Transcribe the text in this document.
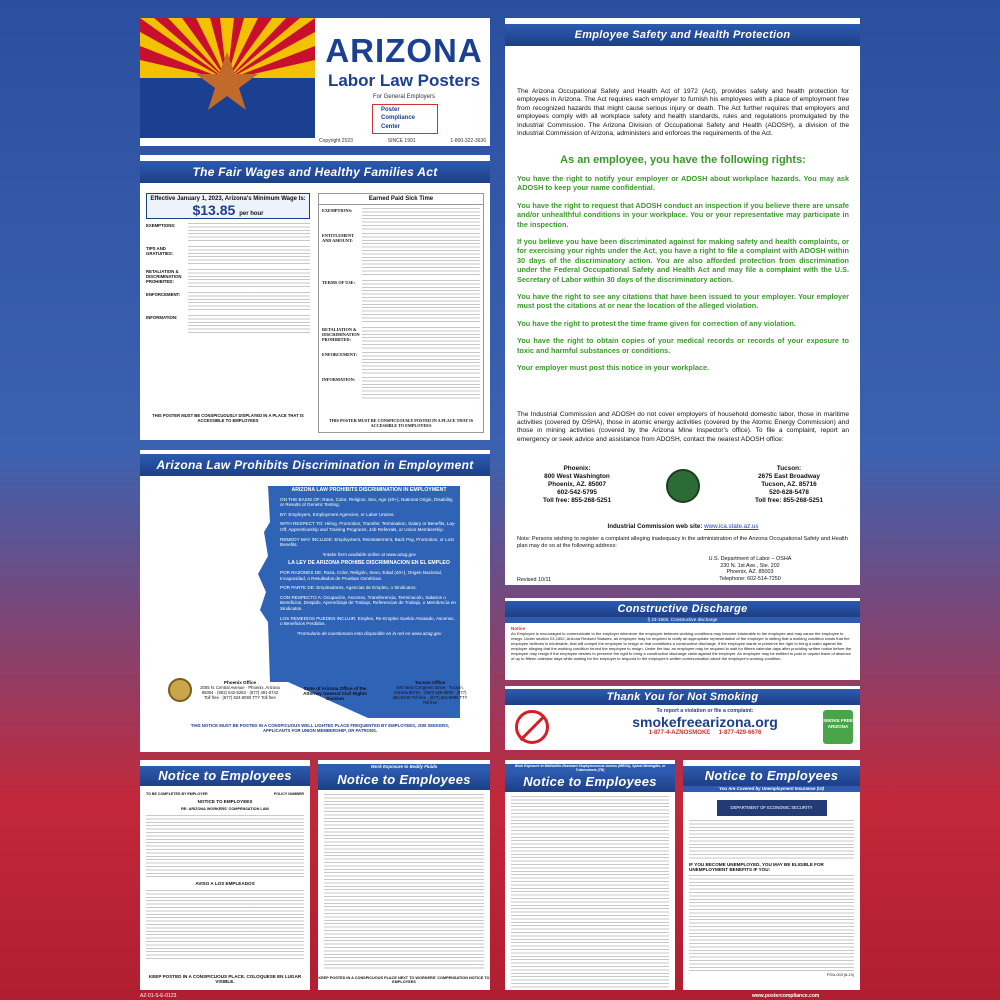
ARIZONA
Labor Law Posters
For General Employers
Poster
Compliance
Center
Copyright 2023	SINCE 1991	1-800-322-3636
The Fair Wages and Healthy Families Act
Effective January 1, 2023, Arizona's Minimum Wage Is:
$13.85 per hour
EXEMPTIONS:
TIPS AND GRATUITIES:
RETALIATION & DISCRIMINATION PROHIBITED:
ENFORCEMENT:
INFORMATION:
THIS POSTER MUST BE CONSPICUOUSLY DISPLAYED IN A PLACE THAT IS ACCESSIBLE TO EMPLOYEES
Earned Paid Sick Time
EXEMPTIONS:
ENTITLEMENT AND AMOUNT:
TERMS OF USE:
RETALIATION & DISCRIMINATION PROHIBITED:
ENFORCEMENT:
INFORMATION:
THIS POSTER MUST BE CONSPICUOUSLY POSTED IN A PLACE THAT IS ACCESSIBLE TO EMPLOYEES
Arizona Law Prohibits Discrimination in Employment
ARIZONA LAW PROHIBITS DISCRIMINATION IN EMPLOYMENT

ON THE BASIS OF: Race, Color, Religion, Sex, Age (40+), National Origin, Disability, or Results of Genetic Testing.

BY: Employers, Employment Agencies, or Labor Unions.

WITH RESPECT TO: Hiring, Promotion, Transfer, Termination, Salary or Benefits, Lay-Off, Apprenticeship and Training Programs, Job Referrals, or Union Membership.

REMEDY MAY INCLUDE: Employment, Reinstatement, Back Pay, Promotion, or Lost Benefits.

*Intake form available online at www.azag.gov

LA LEY DE ARIZONA PROHIBE DISCRIMINACION EN EL EMPLEO

POR RAZONES DE: Raza, Color, Religión, Sexo, Edad (40+), Origen Nacional, Incapacidad, o Resultados de Pruebas Genéticas.

POR PARTE DE: Empleadores, Agencias de Empleo, o Sindicatos.

CON RESPECTO A: Ocupación, Ascenso, Transferencia, Terminación, Salarios o Beneficios, Despido, Aprendizaje de Trabajo, Referencias de Trabajo, o Membrecía en Sindicatos.

LOS REMEDIOS PUEDEN INCLUIR: Empleo, Re-Empleo Sueldo Atrasado, Ascenso, o Beneficios Perdidos.

*Formulario de cuestionario esta disponible en la red en www.azag.gov

Phoenix Office
2005 N. Central Avenue · Phoenix, Arizona 85004 · (602) 542-5263 · (877) 491-5742 Toll free · (877) 624-8090 TTY Toll free
State of Arizona Office of the Attorney General Civil Rights Division
Tucson Office
400 West Congress Street · Tucson, Arizona 85701 · (520) 628-6500 · (877) 491-5740 Toll free · (877) 624-8090 TTY Toll free
THIS NOTICE MUST BE POSTED IN A CONSPICUOUS WELL LIGHTED PLACE FREQUENTED BY EMPLOYEES, JOB SEEKERS, APPLICANTS FOR UNION MEMBERSHIP, OR PATRONS.
Employee Safety and Health Protection
The Arizona Occupational Safety and Health Act of 1972 (Act), provides safety and health protection for employees in Arizona. The Act requires each employer to furnish his employees with a place of employment free from recognized hazards that might cause serious injury or death. The Act further requires that employers and employees comply with all workplace safety and health standards, rules and regulations promulgated by the Industrial Commission. The Arizona Division of Occupational Safety and Health (ADOSH), a division of the Industrial Commission of Arizona, administers and enforces the requirements of the Act.
As an employee, you have the following rights:

You have the right to notify your employer or ADOSH about workplace hazards. You may ask ADOSH to keep your name confidential.

You have the right to request that ADOSH conduct an inspection if you believe there are unsafe and/or unhealthful conditions in your workplace. You or your representative may participate in the inspection.

If you believe you have been discriminated against for making safety and health complaints, or for exercising your rights under the Act, you have a right to file a complaint with ADOSH within 30 days of the discriminatory action. You are also afforded protection from discrimination under the Federal Occupational Safety and Health Act and may file a complaint with the U.S. Secretary of Labor within 30 days of the discriminatory action.

You have the right to see any citations that have been issued to your employer. Your employer must post the citations at or near the location of the alleged violation.

You have the right to protest the time frame given for correction of any violation.

You have the right to obtain copies of your medical records or records of your exposure to toxic and harmful substances or conditions.

Your employer must post this notice in your workplace.

The Industrial Commission and ADOSH do not cover employers of household domestic labor, those in maritime activities (covered by OSHA), those in atomic energy activities (covered by the Atomic Energy Commission) and those in mining activities (covered by the Arizona Mine Inspector's office). To file a complaint, report an emergency or seek advice and assistance from ADOSH, contact the nearest ADOSH office:
Phoenix:
800 West Washington
Phoenix, AZ. 85007
602-542-5795
Toll free: 855-268-5251
Tucson:
2675 East Broadway
Tucson, AZ. 85716
520-628-5478
Toll free: 855-268-5251
Industrial Commission web site: www.ica.state.az.us
Note: Persons wishing to register a complaint alleging inadequacy in the administration of the Arizona Occupational Safety and Health plan may do so at the following address:
U.S. Department of Labor – OSHA
230 N. 1st Ave., Ste. 202
Phoenix, AZ. 85003
Telephone: 602-514-7250
Revised 10/11
Constructive Discharge
§ 23-1502. Constructive discharge
Notice
An Employee is encouraged to communicate to the employer whenever the employee believes working conditions may become intolerable to the employee and may cause the employee to resign. Under section 23-1502, Arizona Revised Statutes, an employee may be required to notify an appropriate representative of the employer in writing that a working condition exists that the employee believes is intolerable, that will compel the employee to resign or that constitutes a constructive discharge, if the employee wants to preserve the right to bring a claim against the employer alleging that the working condition forced the employee to resign. Under the law, an employee may be required to wait for fifteen calendar days after providing written notice before the employee may resign if the employee desires to preserve the right to bring a constructive discharge claim against the employer. An employee may be entitled to paid or unpaid leave of absence of up to fifteen calendar days while waiting for the employer to respond to the employee's written communication about the employee's working condition.
Thank You for Not Smoking
To report a violation or file a complaint:
smokefreearizona.org
1-877-4-AZNOSMOKE 1-877-429-6676
SMOKE FREE ARIZONA
Notice to Employees
TO BE COMPLETED BY EMPLOYER	POLICY NUMBER
NOTICE TO EMPLOYEES
RE: ARIZONA WORKERS' COMPENSATION LAW
AVISO A LOS EMPLEADOS
KEEP POSTED IN A CONSPICUOUS PLACE. COLOQUESE EN LUGAR VISIBLE.
Work Exposure to Bodily Fluids
Notice to Employees
KEEP POSTED IN A CONSPICUOUS PLACE NEXT TO WORKERS' COMPENSATION NOTICE TO EMPLOYEES
Work Exposure to Methicillin-Resistant Staphylococcus Aureus (MRSA), Spinal Meningitis, or Tuberculosis (TB)
Notice to Employees	Notice to Employees
You Are Covered by Unemployment Insurance (UI)
DEPARTMENT OF ECONOMIC SECURITY
IF YOU BECOME UNEMPLOYED, YOU MAY BE ELIGIBLE FOR UNEMPLOYMENT BENEFITS IF YOU:
POU-003 (8-19)
AZ-01-S-E-0123	www.postercompliance.com
